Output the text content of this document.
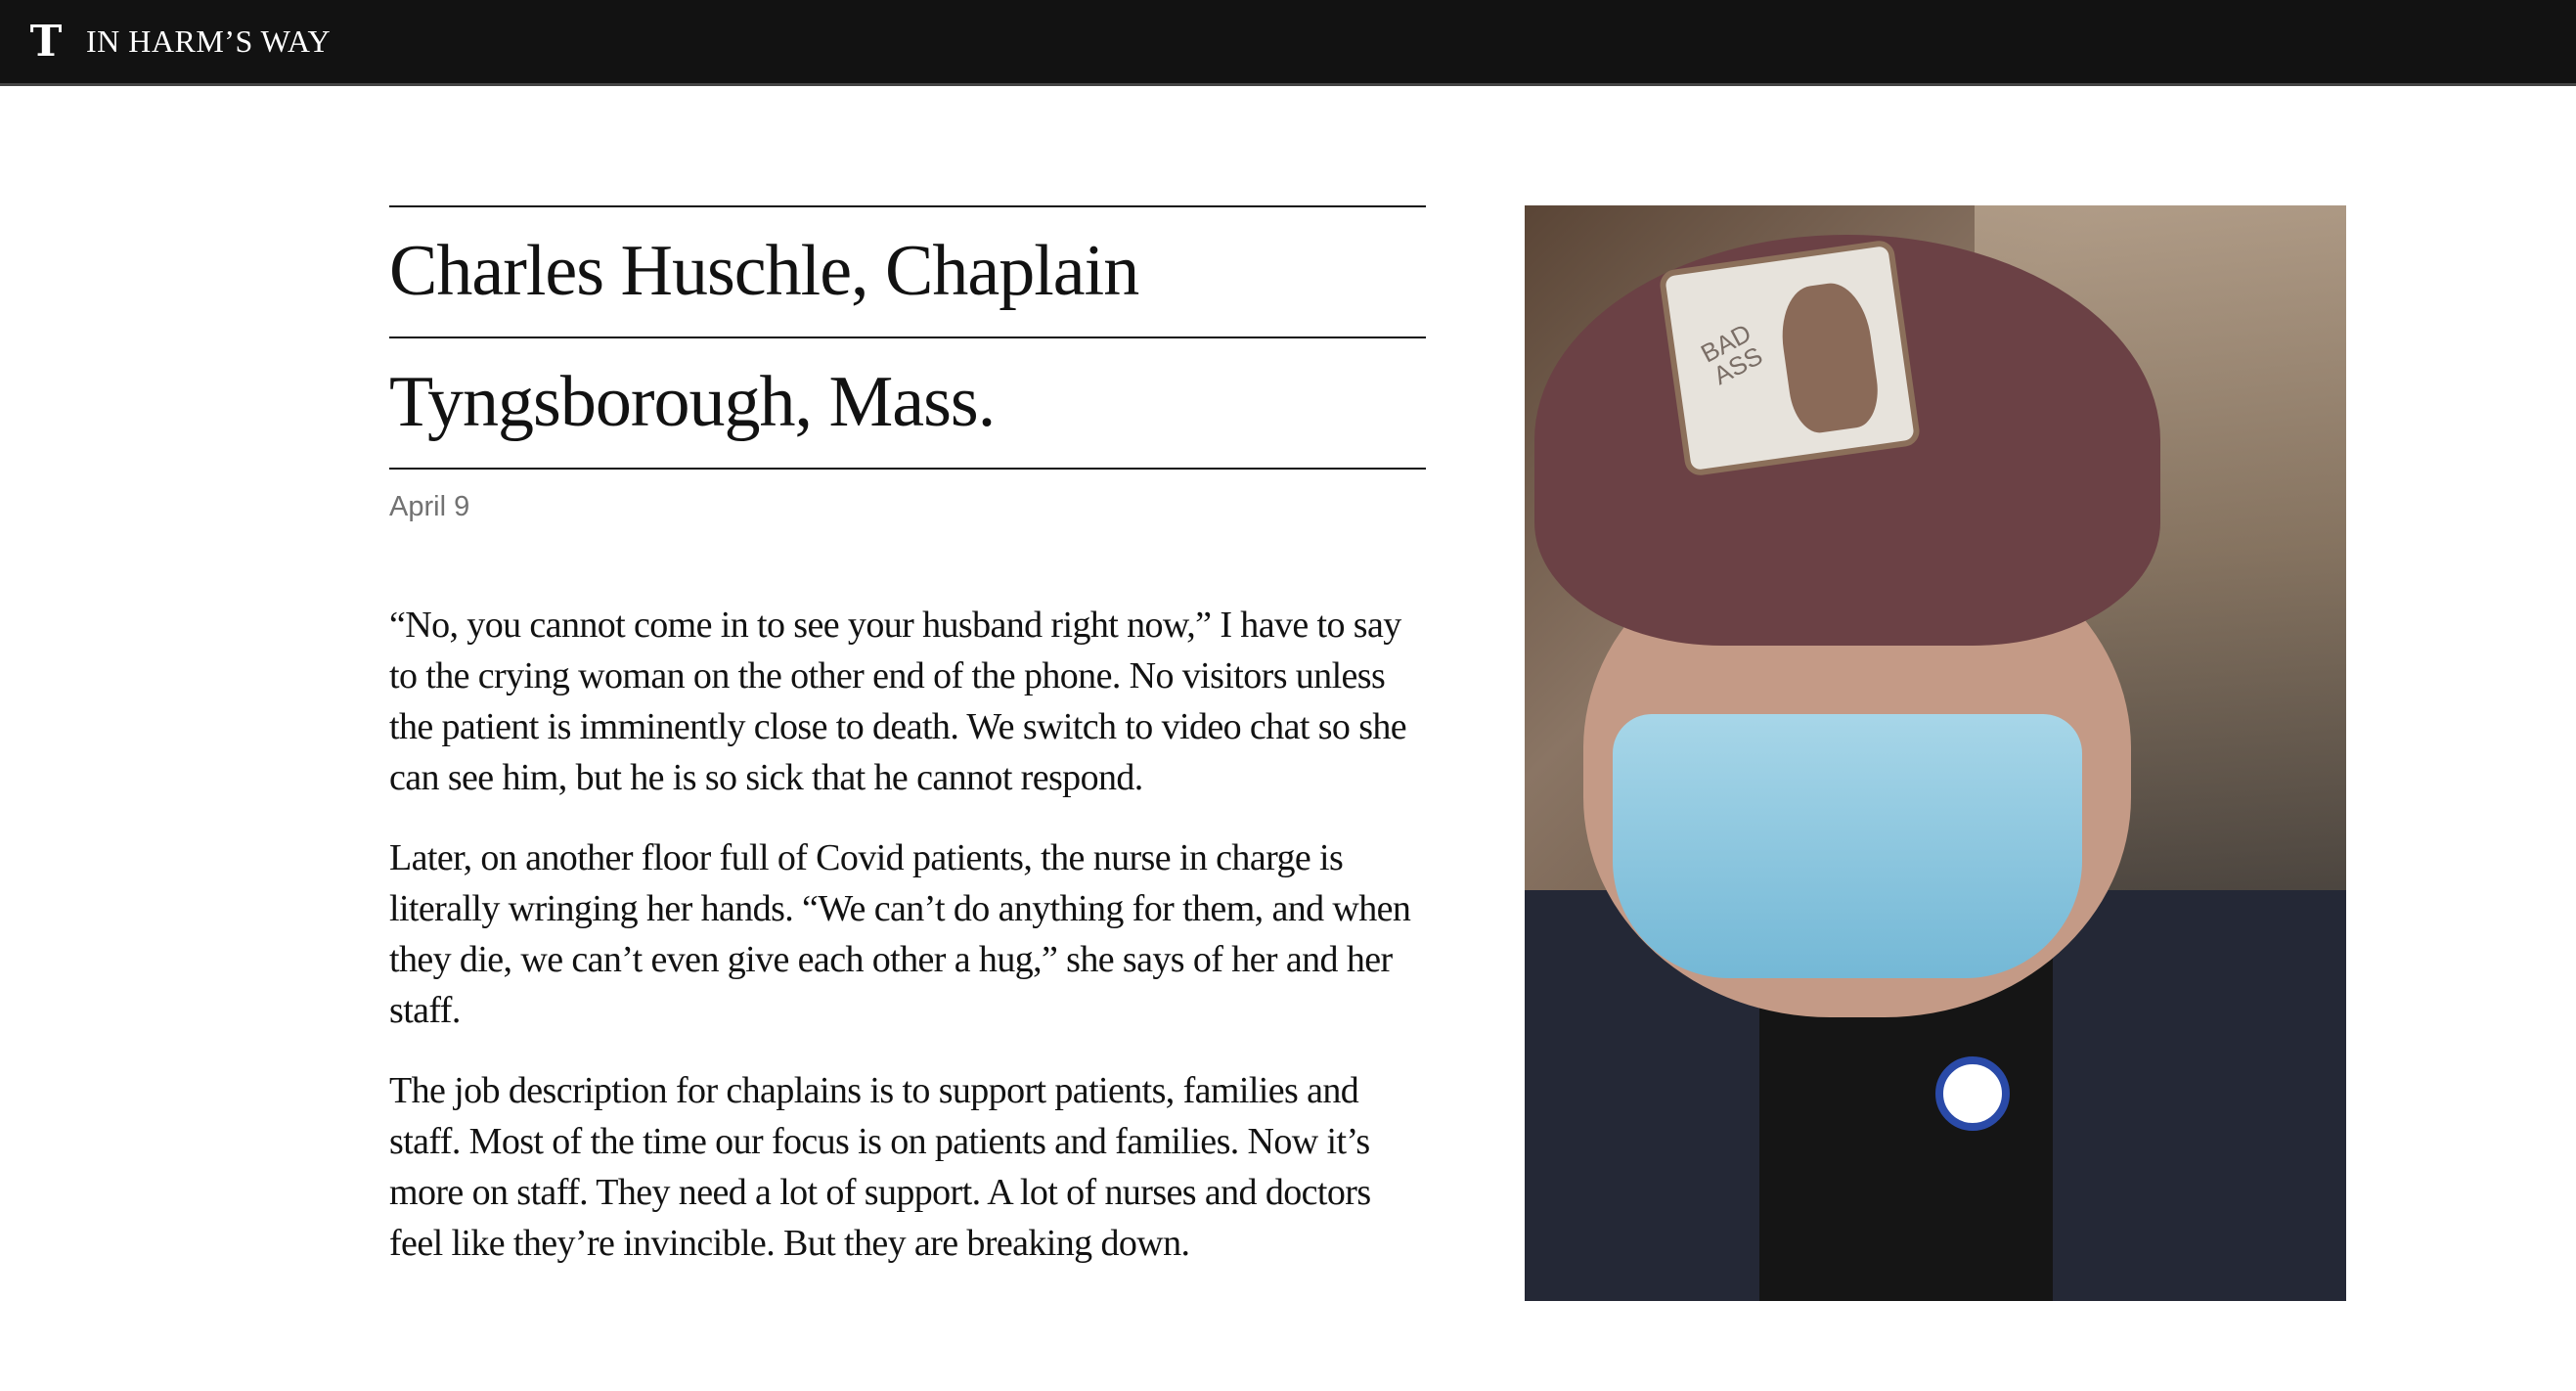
T IN HARM’S WAY
Charles Huschle, Chaplain
Tyngsborough, Mass.
April 9

“No, you cannot come in to see your husband right now,” I have to say to the crying woman on the other end of the phone. No visitors unless the patient is imminently close to death. We switch to video chat so she can see him, but he is so sick that he cannot respond.

Later, on another floor full of Covid patients, the nurse in charge is literally wringing her hands. “We can’t do anything for them, and when they die, we can’t even give each other a hug,” she says of her and her staff.

The job description for chaplains is to support patients, families and staff. Most of the time our focus is on patients and families. Now it’s more on staff. They need a lot of support. A lot of nurses and doctors feel like they’re invincible. But they are breaking down.

BAD ASS
